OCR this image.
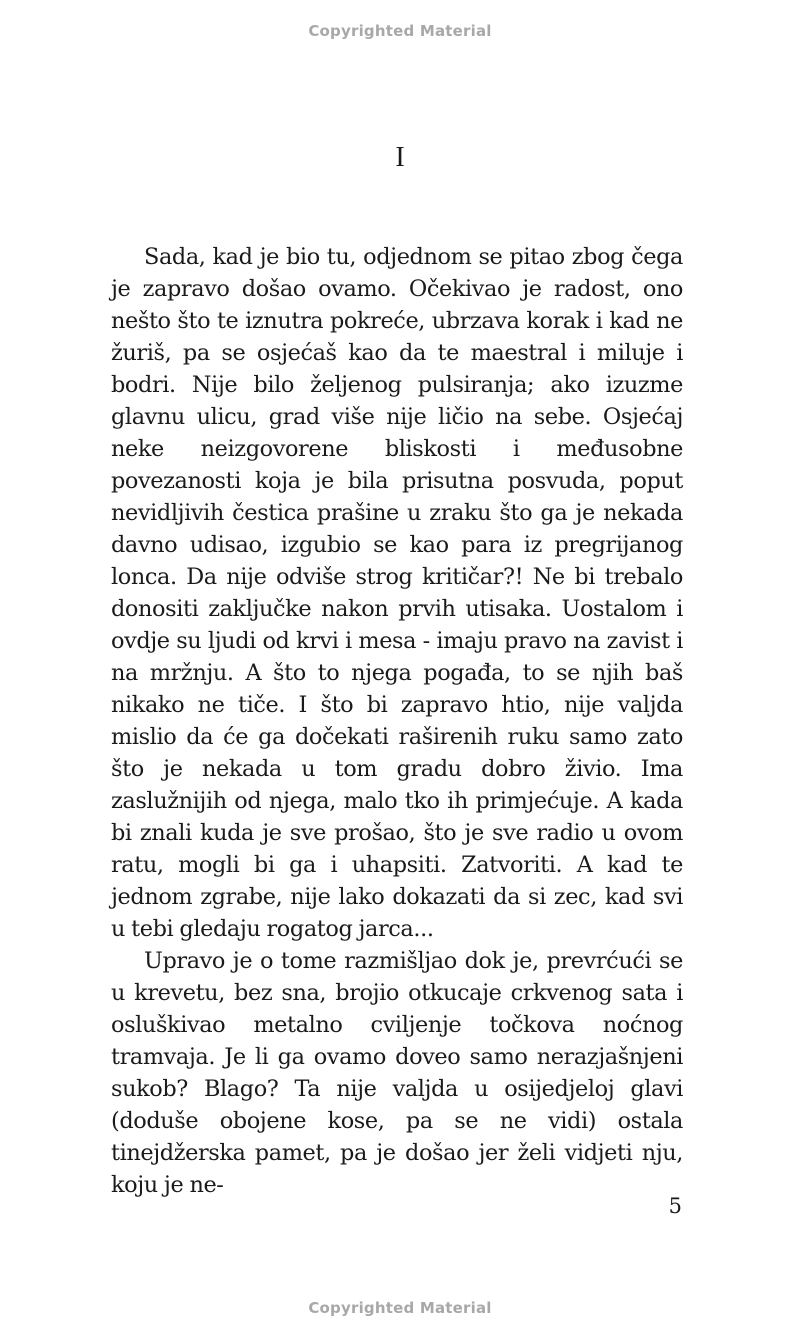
Copyrighted Material
I

Sada, kad je bio tu, odjednom se pitao zbog čega je zapravo došao ovamo. Očekivao je radost, ono nešto što te iznutra pokreće, ubrzava korak i kad ne žuriš, pa se osjećaš kao da te maestral i miluje i bodri. Nije bilo željenog pulsiranja; ako izuzme glavnu ulicu, grad više nije ličio na sebe. Osjećaj neke neizgovorene bliskosti i međusobne povezanosti koja je bila prisutna posvuda, poput nevidljivih čestica prašine u zraku što ga je nekada davno udisao, izgubio se kao para iz pregrijanog lonca. Da nije odviše strog kritičar?! Ne bi trebalo donositi zaključke nakon prvih utisaka. Uostalom i ovdje su ljudi od krvi i mesa - imaju pravo na zavist i na mržnju. A što to njega pogađa, to se njih baš nikako ne tiče. I što bi zapravo htio, nije valjda mislio da će ga dočekati raširenih ruku samo zato što je nekada u tom gradu dobro živio. Ima zaslužnijih od njega, malo tko ih primjećuje. A kada bi znali kuda je sve prošao, što je sve radio u ovom ratu, mogli bi ga i uhapsiti. Zatvoriti. A kad te jednom zgrabe, nije lako dokazati da si zec, kad svi u tebi gledaju rogatog jarca...

Upravo je o tome razmišljao dok je, prevrćući se u krevetu, bez sna, brojio otkucaje crkvenog sata i osluškivao metalno cviljenje točkova noćnog tramvaja. Je li ga ovamo doveo samo nerazjašnjeni sukob? Blago? Ta nije valjda u osijedjeloj glavi (doduše obojene kose, pa se ne vidi) ostala tinejdžerska pamet, pa je došao jer želi vidjeti nju, koju je ne-

5
Copyrighted Material
